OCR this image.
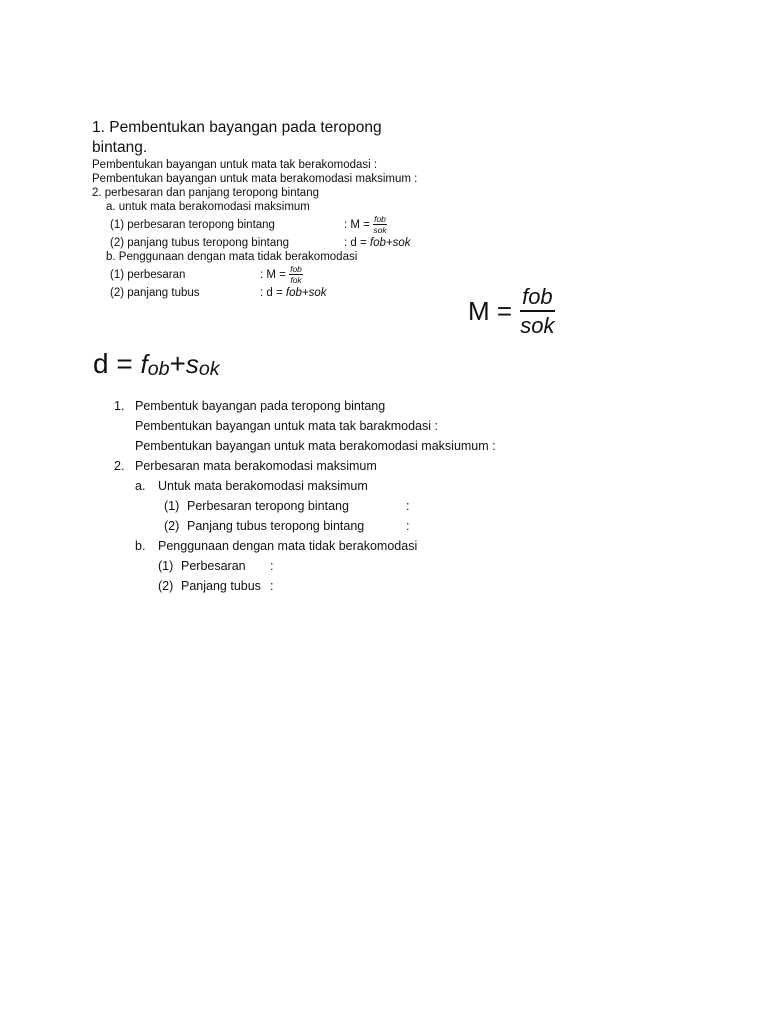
1. Pembentukan bayangan pada teropong
bintang.
Pembentukan bayangan untuk mata tak berakomodasi :
Pembentukan bayangan untuk mata berakomodasi maksimum :
2. perbesaran dan panjang teropong bintang
a. untuk mata berakomodasi maksimum
(1) perbesaran teropong bintang	: $M = \frac{\text{fob}}{\text{sok}}$
(2) panjang tubus teropong bintang	: d = fob+sok
b. Penggunaan dengan mata tidak berakomodasi
(1) perbesaran	: $M = \frac{\text{fob}}{\text{fok}}$
(2) panjang tubus	: d = fob+sok
$M = \frac{\text{fob}}{\text{sok}}$
d = fob+sok
1. Pembentuk bayangan pada teropong bintang
Pembentukan bayangan untuk mata tak barakmodasi :
Pembentukan bayangan untuk mata berakomodasi maksiumum :
2. Perbesaran mata berakomodasi maksimum
a. Untuk mata berakomodasi maksimum
(1) Perbesaran teropong bintang	:
(2) Panjang tubus teropong bintang	:
b. Penggunaan dengan mata tidak berakomodasi
(1) Perbesaran :
(2) Panjang tubus :
